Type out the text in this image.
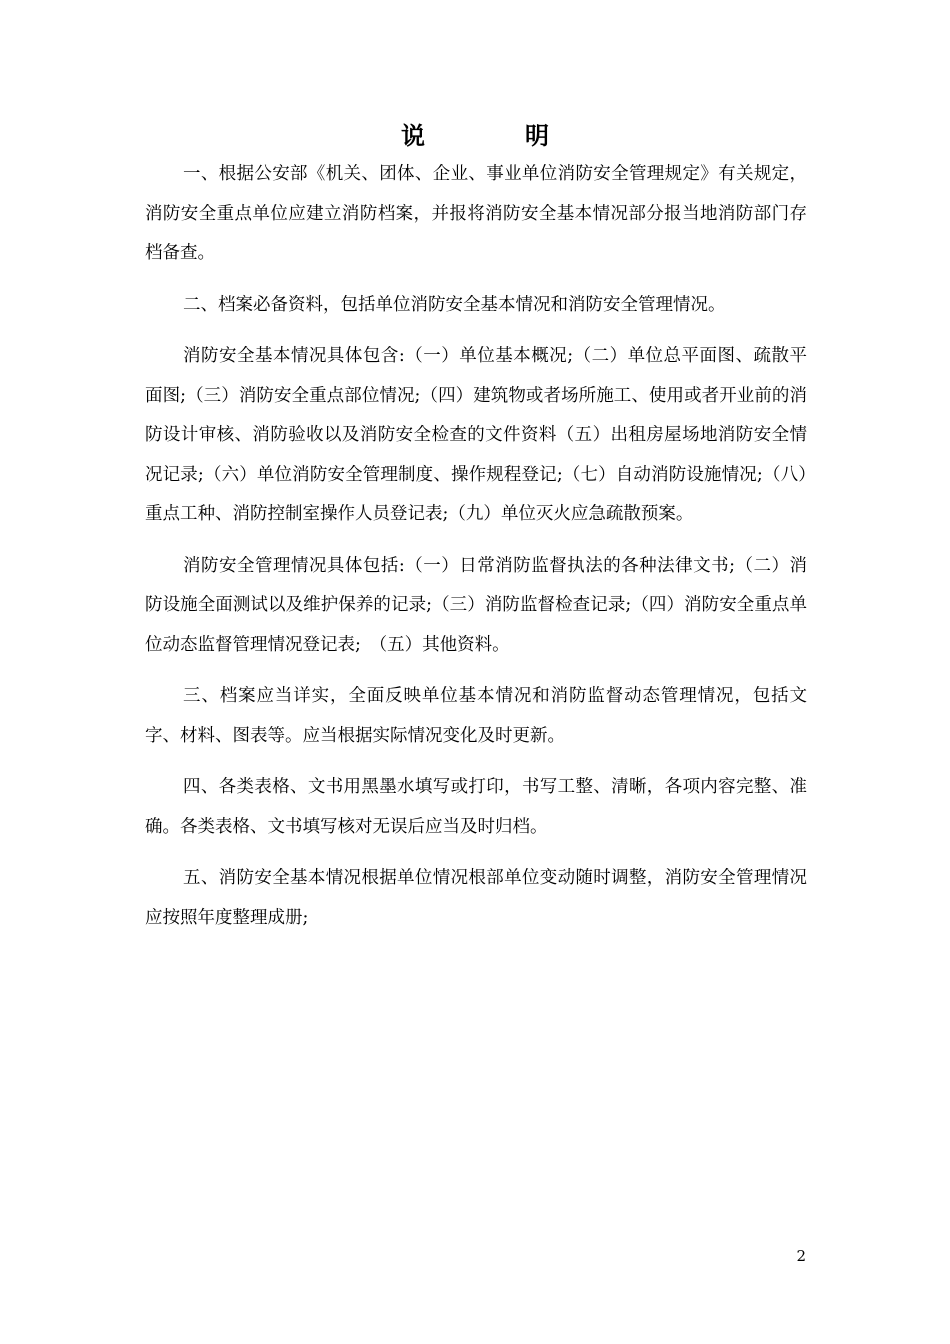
说　明

一、根据公安部《机关、团体、企业、事业单位消防安全管理规定》有关规定，消防安全重点单位应建立消防档案，并报将消防安全基本情况部分报当地消防部门存档备查。

二、档案必备资料，包括单位消防安全基本情况和消防安全管理情况。

消防安全基本情况具体包含:（一）单位基本概况;（二）单位总平面图、疏散平面图;（三）消防安全重点部位情况;（四）建筑物或者场所施工、使用或者开业前的消防设计审核、消防验收以及消防安全检查的文件资料（五）出租房屋场地消防安全情况记录;（六）单位消防安全管理制度、操作规程登记;（七）自动消防设施情况;（八）重点工种、消防控制室操作人员登记表;（九）单位灭火应急疏散预案。

消防安全管理情况具体包括:（一）日常消防监督执法的各种法律文书;（二）消防设施全面测试以及维护保养的记录;（三）消防监督检查记录;（四）消防安全重点单位动态监督管理情况登记表;　（五）其他资料。

三、档案应当详实，全面反映单位基本情况和消防监督动态管理情况，包括文字、材料、图表等。应当根据实际情况变化及时更新。

四、各类表格、文书用黑墨水填写或打印，书写工整、清晰，各项内容完整、准确。各类表格、文书填写核对无误后应当及时归档。

五、消防安全基本情况根据单位情况根部单位变动随时调整，消防安全管理情况应按照年度整理成册;

2
